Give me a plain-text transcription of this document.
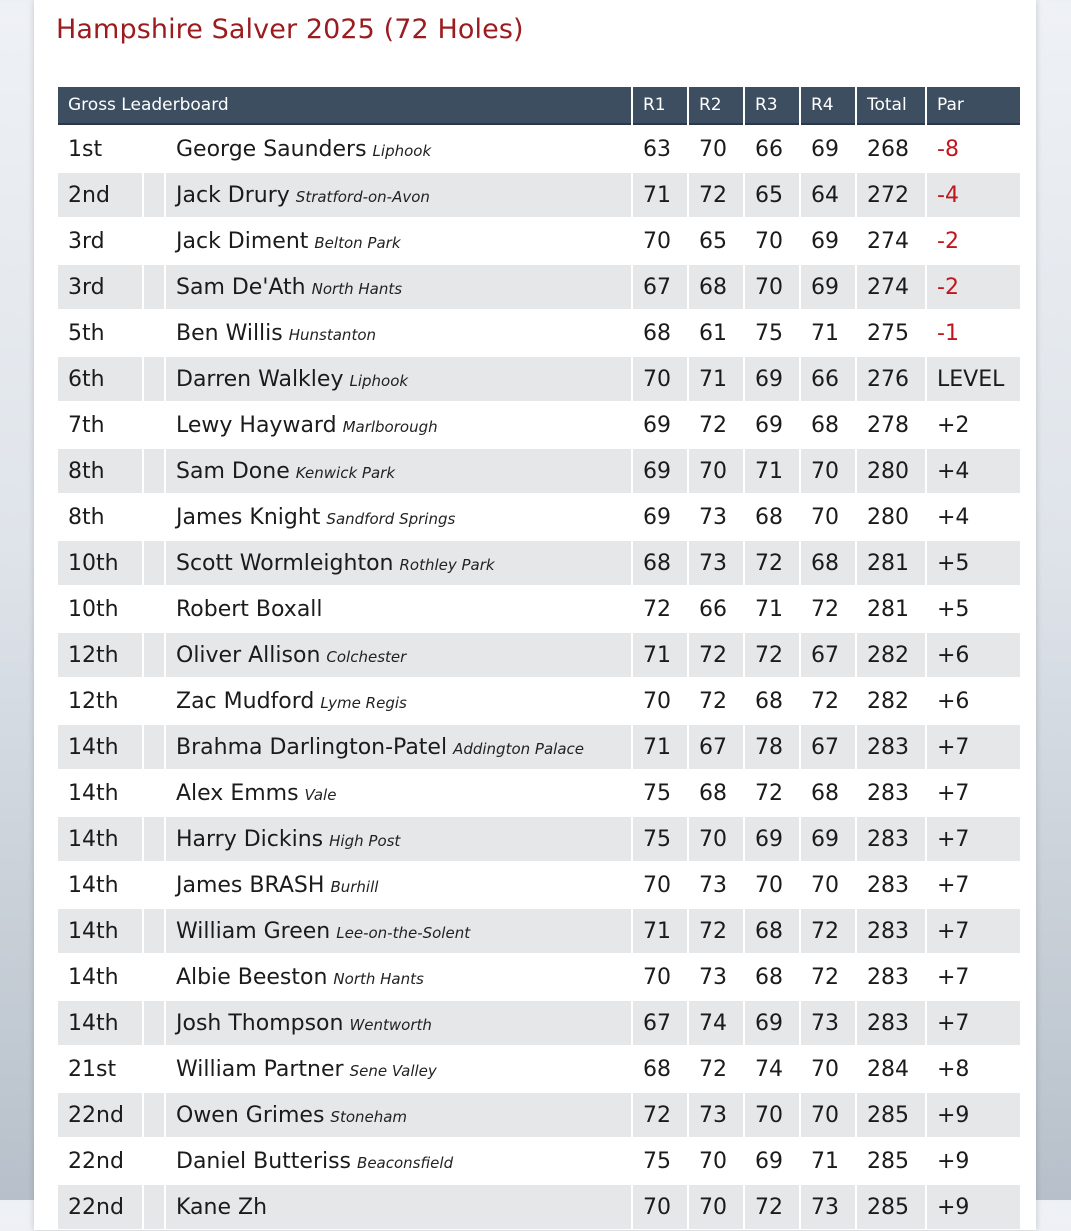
Hampshire Salver 2025 (72 Holes)
Gross Leaderboard			R1	R2	R3	R4	Total	Par
1st		George Saunders Liphook	63	70	66	69	268	-8
2nd		Jack Drury Stratford-on-Avon	71	72	65	64	272	-4
3rd		Jack Diment Belton Park	70	65	70	69	274	-2
3rd		Sam De'Ath North Hants	67	68	70	69	274	-2
5th		Ben Willis Hunstanton	68	61	75	71	275	-1
6th		Darren Walkley Liphook	70	71	69	66	276	LEVEL
7th		Lewy Hayward Marlborough	69	72	69	68	278	+2
8th		Sam Done Kenwick Park	69	70	71	70	280	+4
8th		James Knight Sandford Springs	69	73	68	70	280	+4
10th		Scott Wormleighton Rothley Park	68	73	72	68	281	+5
10th		Robert Boxall	72	66	71	72	281	+5
12th		Oliver Allison Colchester	71	72	72	67	282	+6
12th		Zac Mudford Lyme Regis	70	72	68	72	282	+6
14th		Brahma Darlington-Patel Addington Palace	71	67	78	67	283	+7
14th		Alex Emms Vale	75	68	72	68	283	+7
14th		Harry Dickins High Post	75	70	69	69	283	+7
14th		James BRASH Burhill	70	73	70	70	283	+7
14th		William Green Lee-on-the-Solent	71	72	68	72	283	+7
14th		Albie Beeston North Hants	70	73	68	72	283	+7
14th		Josh Thompson Wentworth	67	74	69	73	283	+7
21st		William Partner Sene Valley	68	72	74	70	284	+8
22nd		Owen Grimes Stoneham	72	73	70	70	285	+9
22nd		Daniel Butteriss Beaconsfield	75	70	69	71	285	+9
22nd		Kane Zh	70	70	72	73	285	+9
